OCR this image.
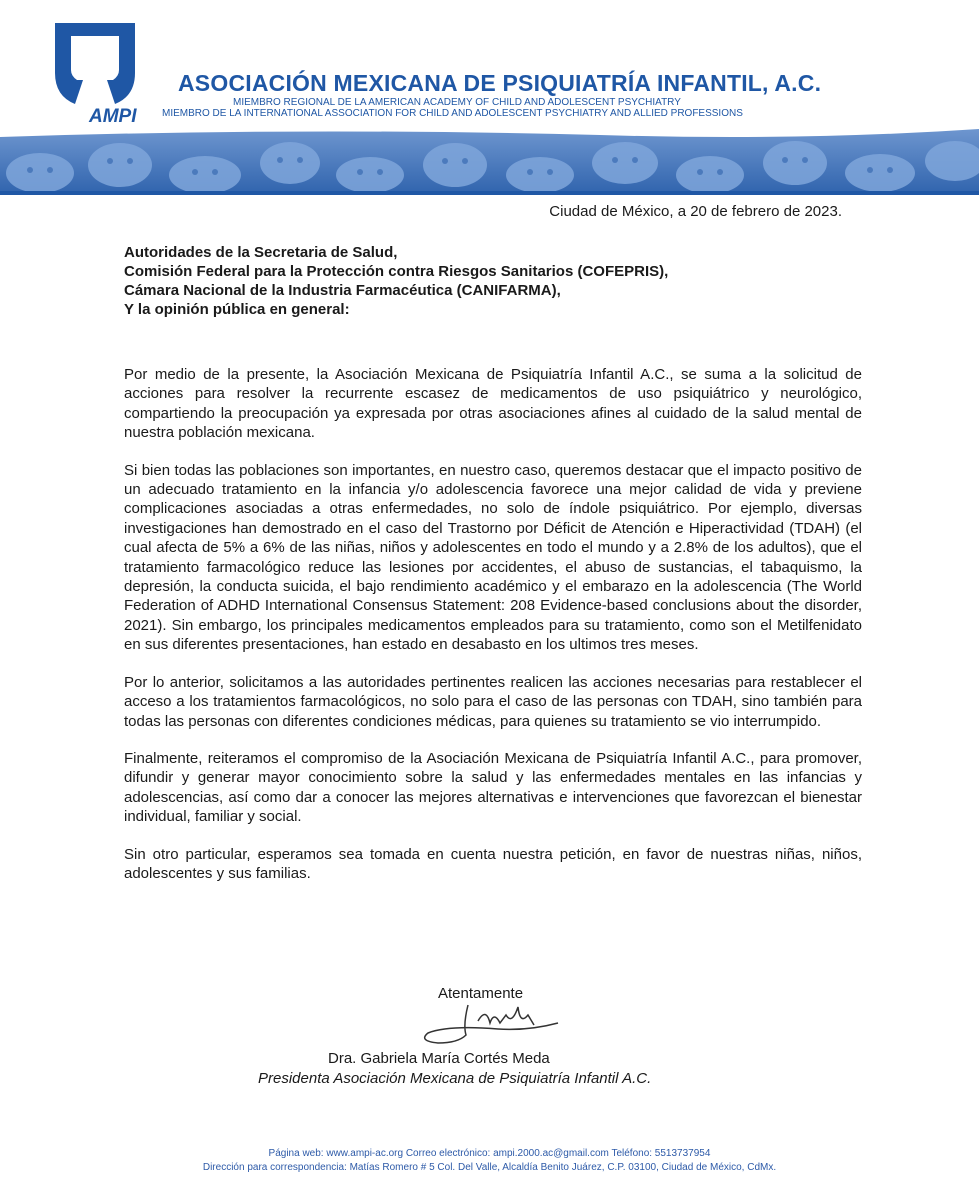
AMPI
ASOCIACIÓN MEXICANA DE PSIQUIATRÍA INFANTIL, A.C.
MIEMBRO REGIONAL DE LA AMERICAN ACADEMY OF CHILD AND ADOLESCENT PSYCHIATRY
MIEMBRO DE LA INTERNATIONAL ASSOCIATION FOR CHILD AND ADOLESCENT PSYCHIATRY AND ALLIED PROFESSIONS
Ciudad de México, a 20 de febrero de 2023.
Autoridades de la Secretaria de Salud,
Comisión Federal para la Protección contra Riesgos Sanitarios (COFEPRIS),
Cámara Nacional de la Industria Farmacéutica (CANIFARMA),
Y la opinión pública en general:

Por medio de la presente, la Asociación Mexicana de Psiquiatría Infantil A.C., se suma a la solicitud de acciones para resolver la recurrente escasez de medicamentos de uso psiquiátrico y neurológico, compartiendo la preocupación ya expresada por otras asociaciones afines al cuidado de la salud mental de nuestra población mexicana.

Si bien todas las poblaciones son importantes, en nuestro caso, queremos destacar que el impacto positivo de un adecuado tratamiento en la infancia y/o adolescencia favorece una mejor calidad de vida y previene complicaciones asociadas a otras enfermedades, no solo de índole psiquiátrico. Por ejemplo, diversas investigaciones han demostrado en el caso del Trastorno por Déficit de Atención e Hiperactividad (TDAH) (el cual afecta de 5% a 6% de las niñas, niños y adolescentes en todo el mundo y a 2.8% de los adultos), que el tratamiento farmacológico reduce las lesiones por accidentes, el abuso de sustancias, el tabaquismo, la depresión, la conducta suicida, el bajo rendimiento académico y el embarazo en la adolescencia (The World Federation of ADHD International Consensus Statement: 208 Evidence-based conclusions about the disorder, 2021). Sin embargo, los principales medicamentos empleados para su tratamiento, como son el Metilfenidato en sus diferentes presentaciones, han estado en desabasto en los ultimos tres meses.

Por lo anterior, solicitamos a las autoridades pertinentes realicen las acciones necesarias para restablecer el acceso a los tratamientos farmacológicos, no solo para el caso de las personas con TDAH, sino también para todas las personas con diferentes condiciones médicas, para quienes su tratamiento se vio interrumpido.

Finalmente, reiteramos el compromiso de la Asociación Mexicana de Psiquiatría Infantil A.C., para promover, difundir y generar mayor conocimiento sobre la salud y las enfermedades mentales en las infancias y adolescencias, así como dar a conocer las mejores alternativas e intervenciones que favorezcan el bienestar individual, familiar y social.

Sin otro particular, esperamos sea tomada en cuenta nuestra petición, en favor de nuestras niñas, niños, adolescentes y sus familias.

Atentamente
Dra. Gabriela María Cortés Meda
Presidenta Asociación Mexicana de Psiquiatría Infantil A.C.
Página web: www.ampi-ac.org Correo electrónico: ampi.2000.ac@gmail.com Teléfono: 5513737954
Dirección para correspondencia: Matías Romero # 5 Col. Del Valle, Alcaldía Benito Juárez, C.P. 03100, Ciudad de México, CdMx.
